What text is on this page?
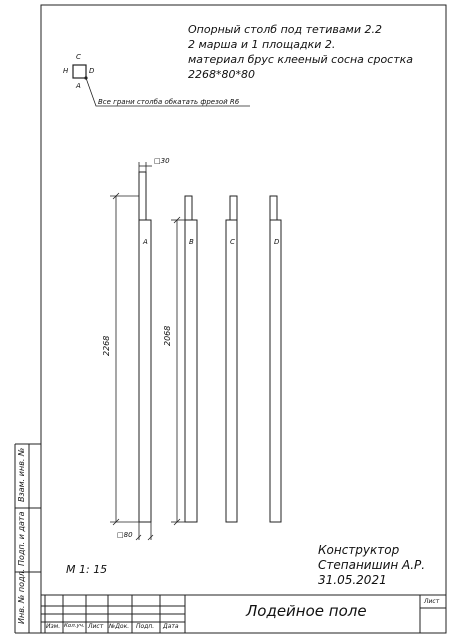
Опорный столб под тетивами 2.2
2 марша и 1 площадки 2.
материал брус клееный сосна сростка
2268*80*80
С
Н	D
А
Все грани столба обкатать фрезой R6
□30
2268	2068
□80
А	В	С	D
М 1: 15
Конструктор
Степанишин А.Р.
31.05.2021
Лодейное поле
Лист
Изм. Кол.уч. Лист №Док. Подп. Дата
Инв. № подл.
Подп. и дата
Взам. инв. №
